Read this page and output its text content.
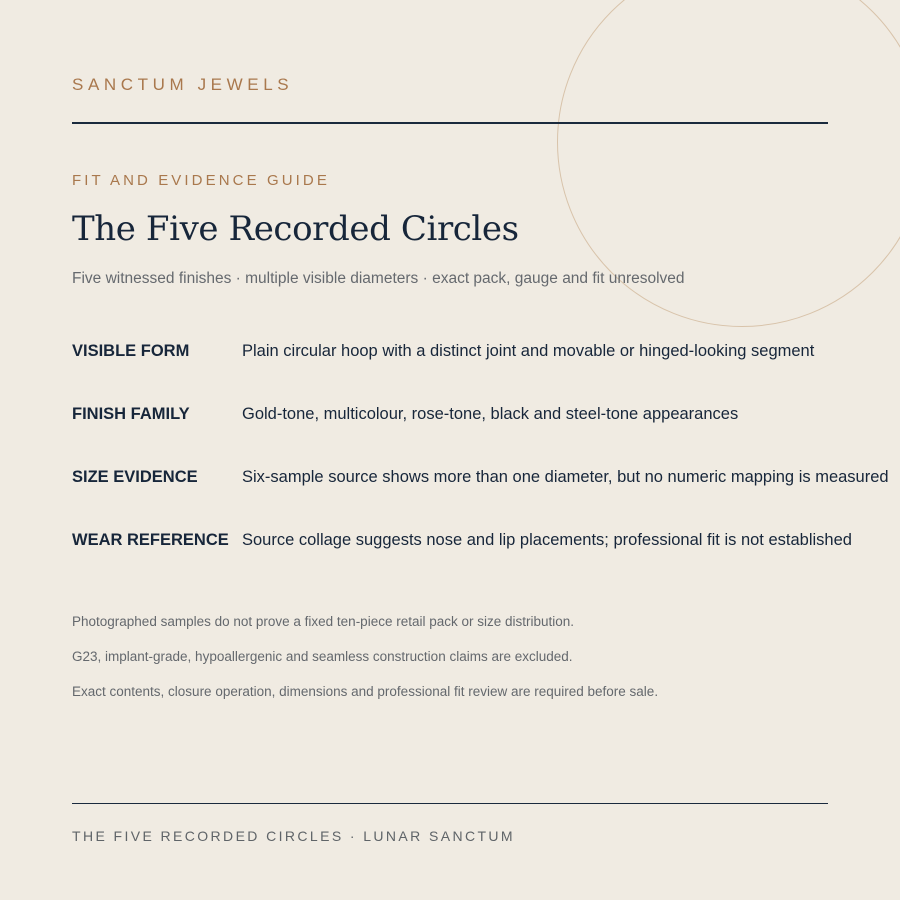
SANCTUM JEWELS
FIT AND EVIDENCE GUIDE
The Five Recorded Circles
Five witnessed finishes · multiple visible diameters · exact pack, gauge and fit unresolved
VISIBLE FORM	Plain circular hoop with a distinct joint and movable or hinged-looking segment
FINISH FAMILY	Gold-tone, multicolour, rose-tone, black and steel-tone appearances
SIZE EVIDENCE	Six-sample source shows more than one diameter, but no numeric mapping is measured
WEAR REFERENCE Source collage suggests nose and lip placements; professional fit is not established
Photographed samples do not prove a fixed ten-piece retail pack or size distribution.
G23, implant-grade, hypoallergenic and seamless construction claims are excluded.
Exact contents, closure operation, dimensions and professional fit review are required before sale.
THE FIVE RECORDED CIRCLES · LUNAR SANCTUM
